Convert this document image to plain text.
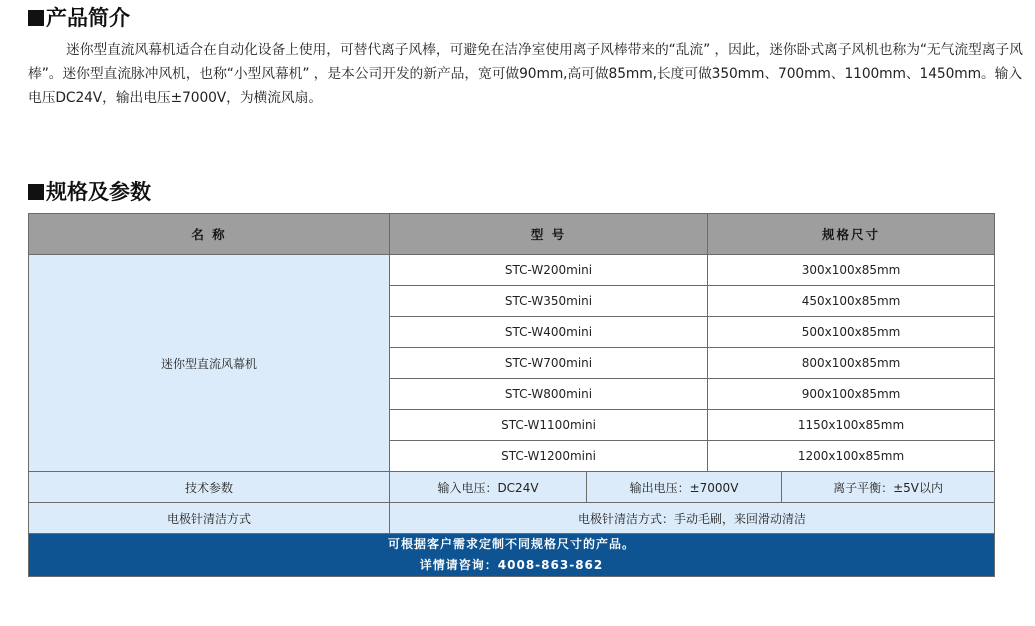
产品简介

迷你型直流风幕机适合在自动化设备上使用，可替代离子风棒，可避免在洁净室使用离子风棒带来的“乱流” ，因此，迷你卧式离子风机也称为“无气流型离子风棒”。迷你型直流脉冲风机，也称“小型风幕机” ，是本公司开发的新产品，宽可做90mm,高可做85mm,长度可做350mm、700mm、1100mm、1450mm。输入电压DC24V，输出电压±7000V，为横流风扇。

规格及参数
名 称	型 号		规格尺寸	
迷你型直流风幕机	STC-W200mini		300x100x85mm	
	STC-W350mini		450x100x85mm	
	STC-W400mini		500x100x85mm	
	STC-W700mini		800x100x85mm	
	STC-W800mini		900x100x85mm	
	STC-W1100mini		1150x100x85mm	
	STC-W1200mini		1200x100x85mm	
技术参数	输入电压：DC24V	输出电压：±7000V		离子平衡：±5V以内
电极针清洁方式	电极针清洁方式：手动毛刷，来回滑动清洁			

可根据客户需求定制不同规格尺寸的产品。
详情请咨询：4008-863-862				
